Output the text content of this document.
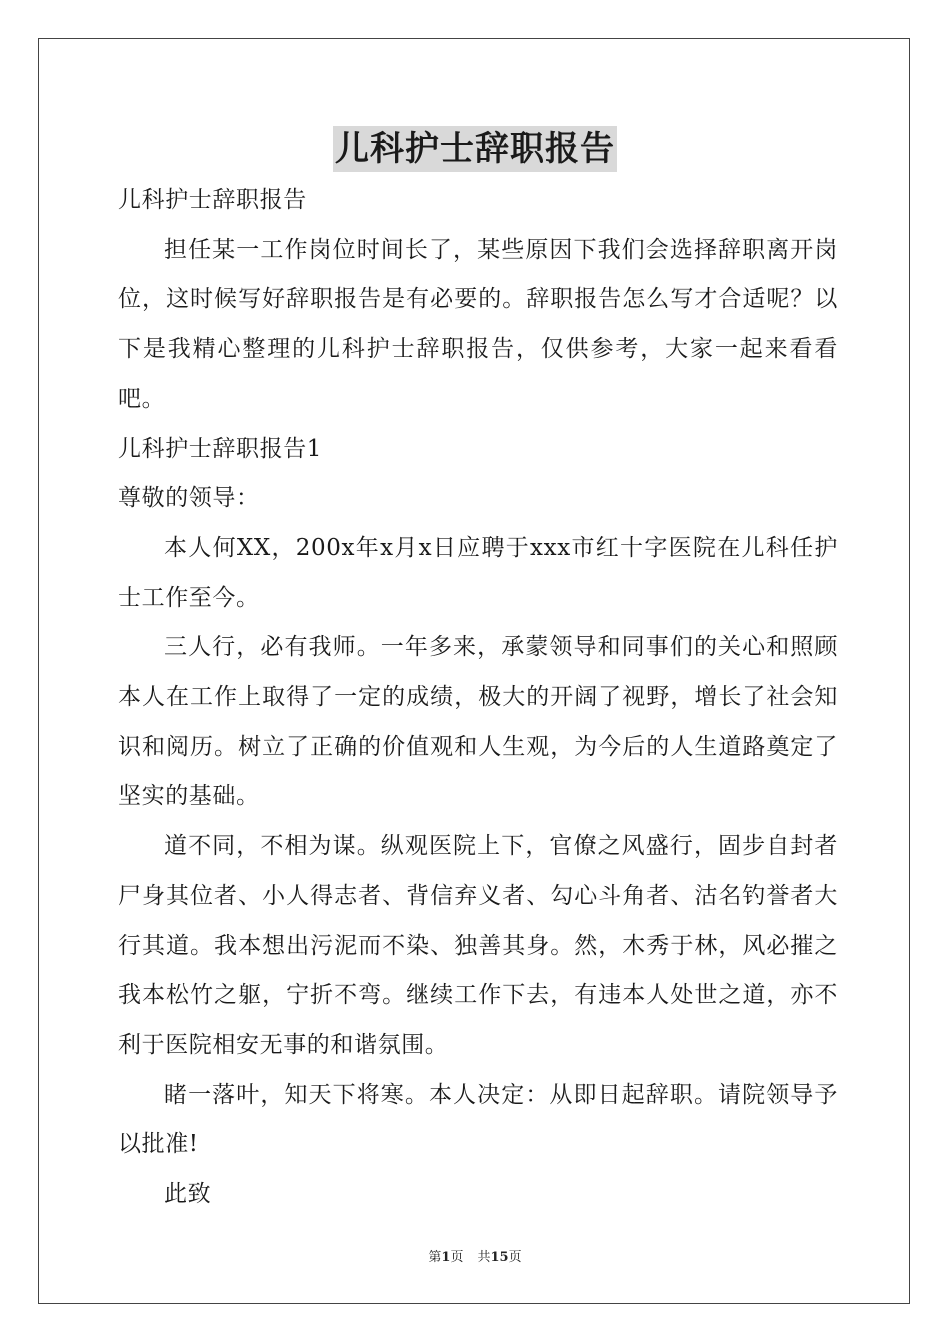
儿科护士辞职报告

儿科护士辞职报告

担任某一工作岗位时间长了，某些原因下我们会选择辞职离开岗位，这时候写好辞职报告是有必要的。辞职报告怎么写才合适呢？以下是我精心整理的儿科护士辞职报告，仅供参考，大家一起来看看吧。

儿科护士辞职报告1

尊敬的领导：

本人何XX，200x年x月x日应聘于xxx市红十字医院在儿科任护士工作至今。

三人行，必有我师。一年多来，承蒙领导和同事们的关心和照顾本人在工作上取得了一定的成绩，极大的开阔了视野，增长了社会知识和阅历。树立了正确的价值观和人生观，为今后的人生道路奠定了坚实的基础。

道不同，不相为谋。纵观医院上下，官僚之风盛行，固步自封者尸身其位者、小人得志者、背信弃义者、勾心斗角者、沽名钓誉者大行其道。我本想出污泥而不染、独善其身。然，木秀于林，风必摧之我本松竹之躯，宁折不弯。继续工作下去，有违本人处世之道，亦不利于医院相安无事的和谐氛围。

睹一落叶，知天下将寒。本人决定：从即日起辞职。请院领导予以批准!

此致

第1页 共15页
